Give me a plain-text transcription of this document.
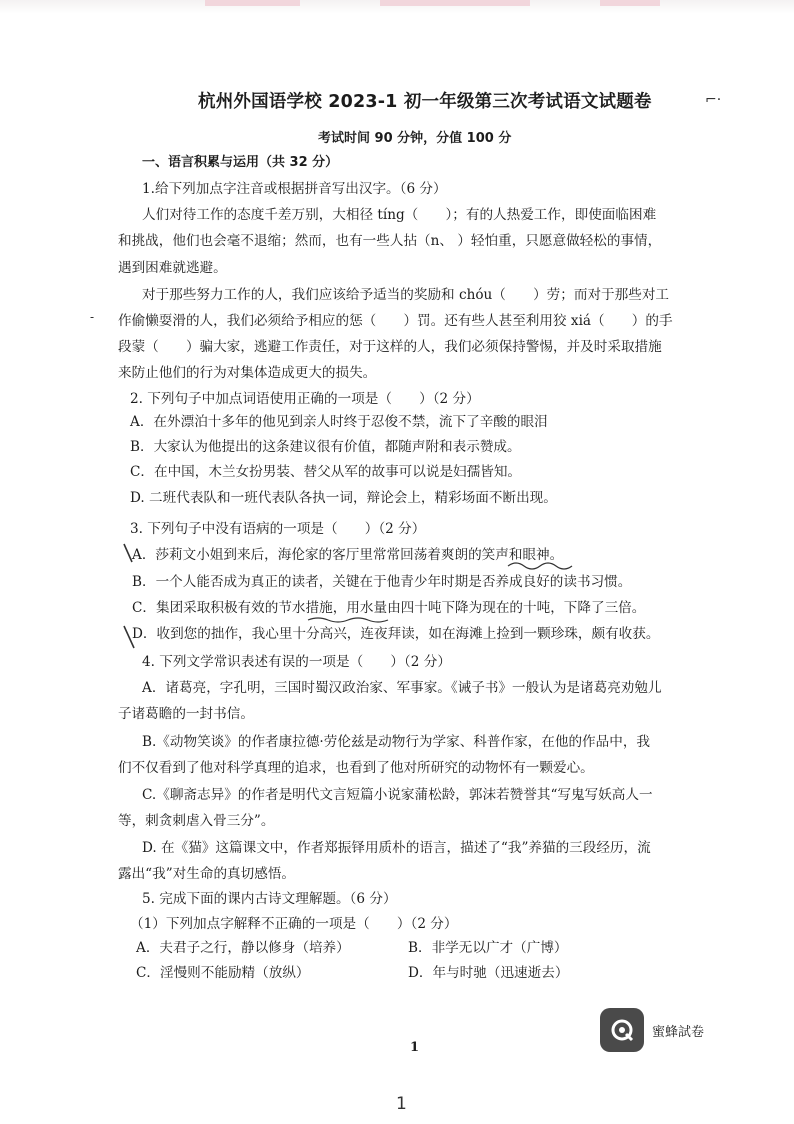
杭州外国语学校 2023-1 初一年级第三次考试语文试题卷	⌐·
考试时间 90 分钟，分值 100 分
一、语言积累与运用（共 32 分）
1.给下列加点字注音或根据拼音写出汉字。（6 分）
人们对待工作的态度千差万别，大相径 tíng（　　）；有的人热爱工作，即使面临困难
和挑战，他们也会毫不退缩；然而，也有一些人拈（n、 ）轻怕重，只愿意做轻松的事情，
遇到困难就逃避。
对于那些努力工作的人，我们应该给予适当的奖励和 chóu（　　）劳；而对于那些对工
- 作偷懒耍滑的人，我们必须给予相应的惩（　　）罚。还有些人甚至利用狡 xiá（　　）的手
段蒙（　　）骗大家，逃避工作责任，对于这样的人，我们必须保持警惕，并及时采取措施
来防止他们的行为对集体造成更大的损失。
2. 下列句子中加点词语使用正确的一项是（　　）（2 分）
A．在外漂泊十多年的他见到亲人时终于忍俊不禁，流下了辛酸的眼泪
B．大家认为他提出的这条建议很有价值，都随声附和表示赞成。
C．在中国，木兰女扮男装、替父从军的故事可以说是妇孺皆知。
D. 二班代表队和一班代表队各执一词，辩论会上，精彩场面不断出现。
3. 下列句子中没有语病的一项是（　　）（2 分）
A．莎莉文小姐到来后，海伦家的客厅里常常回荡着爽朗的笑声和眼神。
B．一个人能否成为真正的读者，关键在于他青少年时期是否养成良好的读书习惯。
C．集团采取积极有效的节水措施，用水量由四十吨下降为现在的十吨，下降了三倍。
D．收到您的拙作，我心里十分高兴，连夜拜读，如在海滩上捡到一颗珍珠，颇有收获。
4. 下列文学常识表述有误的一项是（　　）（2 分）
A．诸葛亮，字孔明，三国时蜀汉政治家、军事家。《诫子书》一般认为是诸葛亮劝勉儿
子诸葛瞻的一封书信。
B.《动物笑谈》的作者康拉德·劳伦兹是动物行为学家、科普作家，在他的作品中，我
们不仅看到了他对科学真理的追求，也看到了他对所研究的动物怀有一颗爱心。
C.《聊斋志异》的作者是明代文言短篇小说家蒲松龄，郭沫若赞誉其“写鬼写妖高人一
等，刺贪刺虐入骨三分”。
D. 在《猫》这篇课文中，作者郑振铎用质朴的语言，描述了“我”养猫的三段经历，流
露出“我”对生命的真切感悟。
5. 完成下面的课内古诗文理解题。（6 分）
（1）下列加点字解释不正确的一项是（　　）（2 分）
A．夫君子之行，静以修身（培养）	B．非学无以广才（广博）
C．淫慢则不能励精（放纵）	D．年与时驰（迅速逝去）
1
蜜蜂試卷
1
